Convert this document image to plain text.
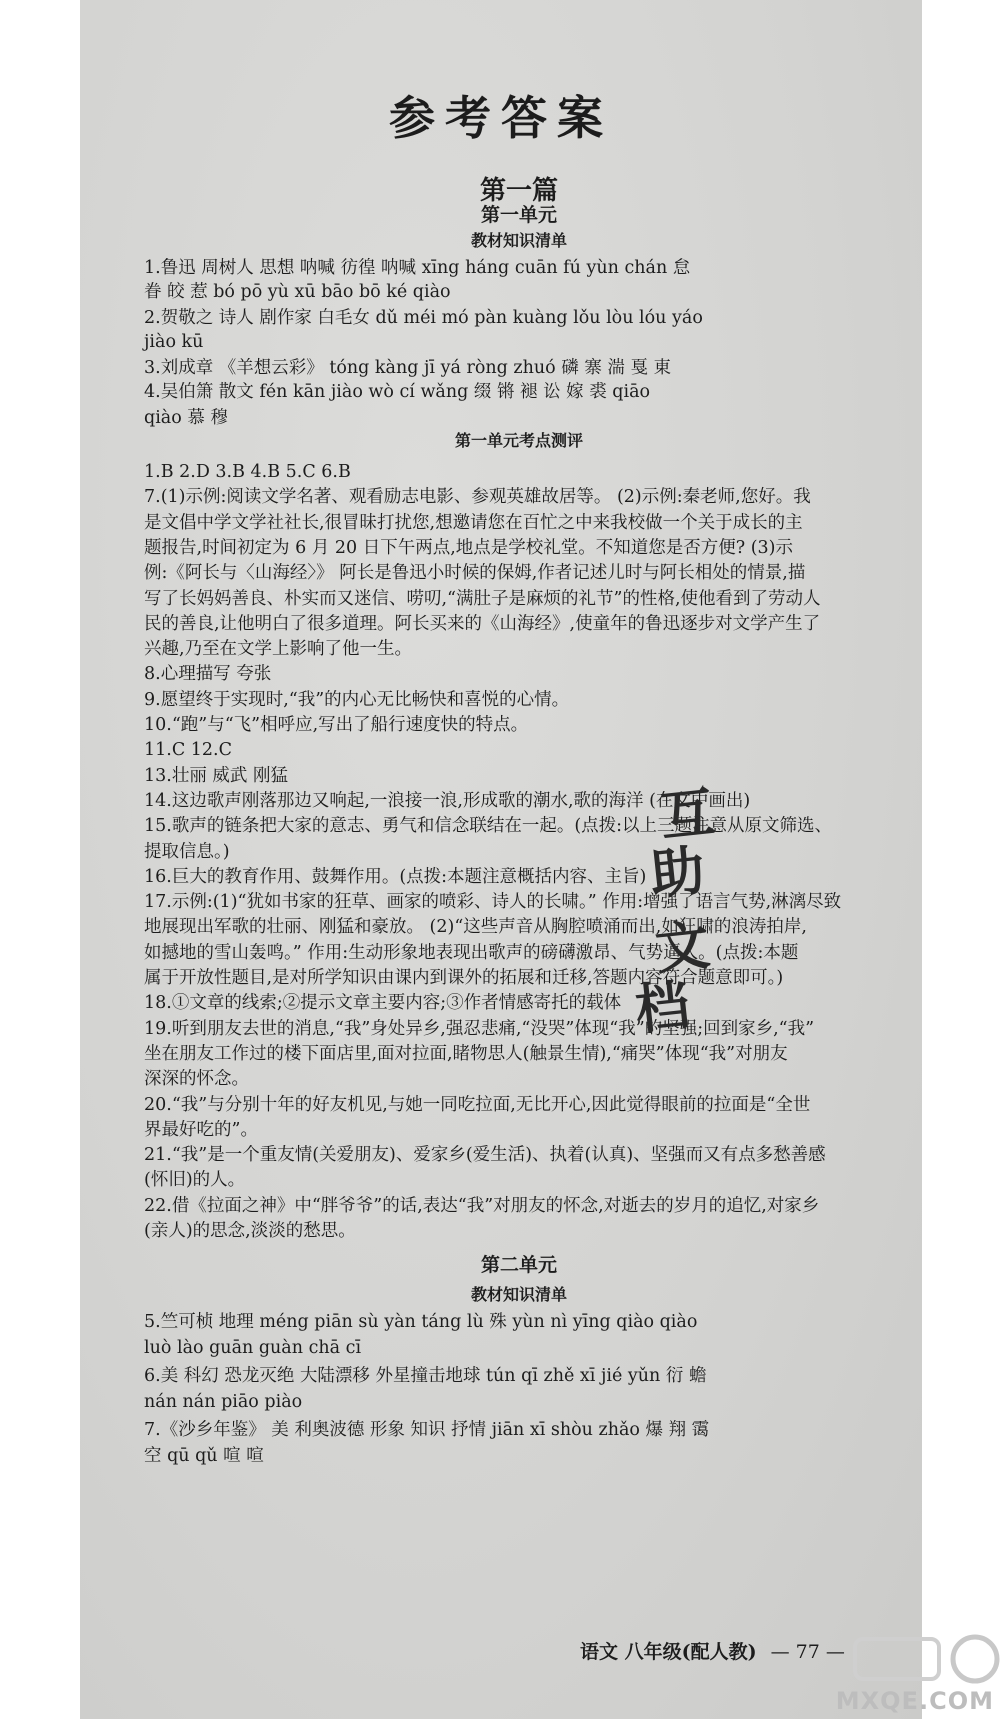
参考答案
第一篇
第一单元
教材知识清单
1.鲁迅 周树人 思想 呐喊 彷徨 呐喊 xīng háng cuān fú yùn chán 怠
眷 皎 惹 bó pō yù xū bāo bō ké qiào
2.贺敬之 诗人 剧作家 白毛女 dǔ méi mó pàn kuàng lǒu lòu lóu yáo
jiào kū
3.刘成章 《羊想云彩》 tóng kàng jī yá ròng zhuó 磷 寨 湍 戛 東
4.吴伯箫 散文 fén kān jiào wò cí wǎng 缀 锵 褪 讼 嫁 裘 qiāo
qiào 慕 穆
第一单元考点测评
1.B 2.D 3.B 4.B 5.C 6.B
7.(1)示例:阅读文学名著、观看励志电影、参观英雄故居等。 (2)示例:秦老师,您好。我
是文倡中学文学社社长,很冒昧打扰您,想邀请您在百忙之中来我校做一个关于成长的主
题报告,时间初定为 6 月 20 日下午两点,地点是学校礼堂。不知道您是否方便? (3)示
例:《阿长与〈山海经〉》 阿长是鲁迅小时候的保姆,作者记述儿时与阿长相处的情景,描
写了长妈妈善良、朴实而又迷信、唠叨,“满肚子是麻烦的礼节”的性格,使他看到了劳动人
民的善良,让他明白了很多道理。阿长买来的《山海经》,使童年的鲁迅逐步对文学产生了
兴趣,乃至在文学上影响了他一生。
8.心理描写 夸张
9.愿望终于实现时,“我”的内心无比畅快和喜悦的心情。
10.“跑”与“飞”相呼应,写出了船行速度快的特点。
11.C 12.C
13.壮丽 威武 刚猛
14.这边歌声刚落那边又响起,一浪接一浪,形成歌的潮水,歌的海洋 (在文中画出)
15.歌声的链条把大家的意志、勇气和信念联结在一起。(点拨:以上三题注意从原文筛选、
提取信息。)
16.巨大的教育作用、鼓舞作用。(点拨:本题注意概括内容、主旨)
17.示例:(1)“犹如书家的狂草、画家的喷彩、诗人的长啸。” 作用:增强了语言气势,淋漓尽致
地展现出军歌的壮丽、刚猛和豪放。 (2)“这些声音从胸腔喷涌而出,如狂啸的浪涛拍岸,
如撼地的雪山轰鸣。” 作用:生动形象地表现出歌声的磅礴激昂、气势逼人。(点拨:本题
属于开放性题目,是对所学知识由课内到课外的拓展和迁移,答题内容符合题意即可。)
18.①文章的线索;②提示文章主要内容;③作者情感寄托的载体
19.听到朋友去世的消息,“我”身处异乡,强忍悲痛,“没哭”体现“我”的坚强;回到家乡,“我”
坐在朋友工作过的楼下面店里,面对拉面,睹物思人(触景生情),“痛哭”体现“我”对朋友
深深的怀念。
20.“我”与分别十年的好友机见,与她一同吃拉面,无比开心,因此觉得眼前的拉面是“全世
界最好吃的”。
21.“我”是一个重友情(关爱朋友)、爱家乡(爱生活)、执着(认真)、坚强而又有点多愁善感
(怀旧)的人。
22.借《拉面之神》中“胖爷爷”的话,表达“我”对朋友的怀念,对逝去的岁月的追忆,对家乡
(亲人)的思念,淡淡的愁思。
第二单元
教材知识清单
5.竺可桢 地理 méng piān sù yàn táng lù 殊 yùn nì yīng qiào qiào
luò lào guān guàn chā cī
6.美 科幻 恐龙灭绝 大陆漂移 外星撞击地球 tún qī zhě xī jié yǔn 衍 蟾
nán nán piāo piào
7.《沙乡年鉴》 美 利奥波德 形象 知识 抒情 jiān xī shòu zhǎo 爆 翔 霭
空 qū qǔ 喧 喧
互
助
文
档
语文 八年级(配人教) — 77 —
MXQE.COM
